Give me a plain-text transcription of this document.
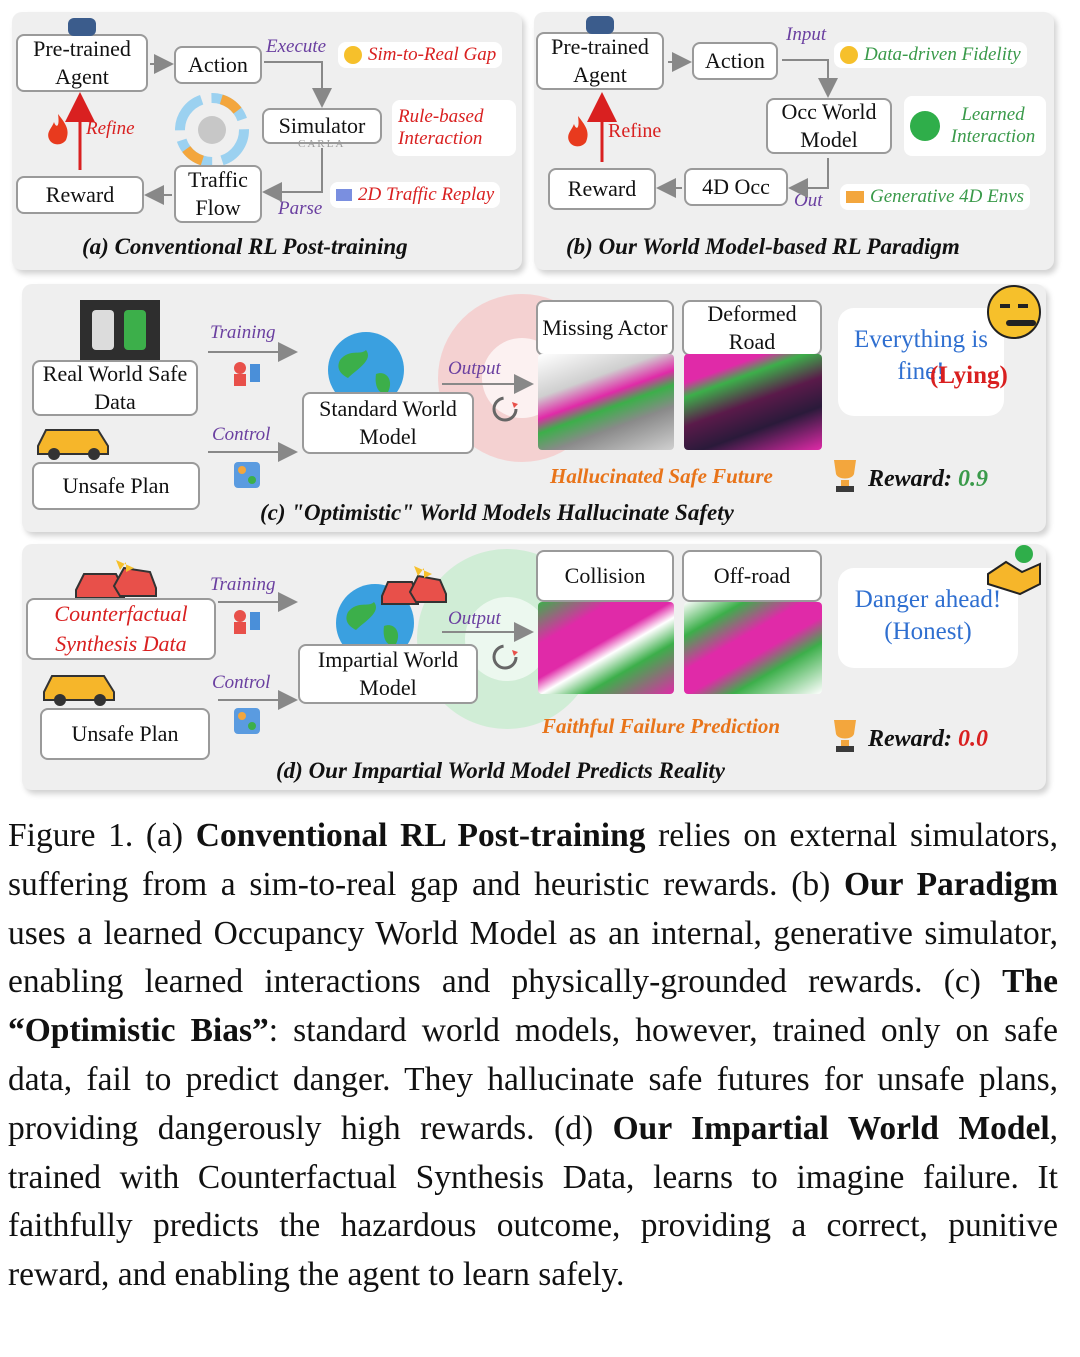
Pre-trained Agent	Action
Simulator
CARLA
Traffic Flow
Reward
Execute
Parse
Refine
Sim-to-Real Gap
Rule-based Interaction
2D Traffic Replay
(a) Conventional RL Post-training
Pre-trained Agent
Action
Occ World Model
4D Occ
Reward
Input
Out
Refine
Data-driven Fidelity
Learned Interaction
Generative 4D Envs
(b) Our World Model-based RL Paradigm
Real World Safe Data
Unsafe Plan
Training
Control
Standard World Model
Output
Missing Actor
Deformed Road
Hallucinated Safe Future
Everything is fine!
(Lying)
Reward: 0.9
(c) "Optimistic" World Models Hallucinate Safety
Counterfactual Synthesis Data
Unsafe Plan
Training
Control
Impartial World Model
Output
Collision	Off-road
Faithful Failure Prediction
Danger ahead!
(Honest)
Reward: 0.0
(d) Our Impartial World Model Predicts Reality
Figure 1. (a) Conventional RL Post-training relies on external simulators, suffering from a sim-to-real gap and heuristic rewards. (b) Our Paradigm uses a learned Occupancy World Model as an internal, generative simulator, enabling learned interactions and physically-grounded rewards. (c) The “Optimistic Bias”: standard world models, however, trained only on safe data, fail to predict danger. They hallucinate safe futures for unsafe plans, providing dangerously high rewards. (d) Our Impartial World Model, trained with Counterfactual Synthesis Data, learns to imagine failure. It faithfully predicts the hazardous outcome, providing a correct, punitive reward, and enabling the agent to learn safely.
